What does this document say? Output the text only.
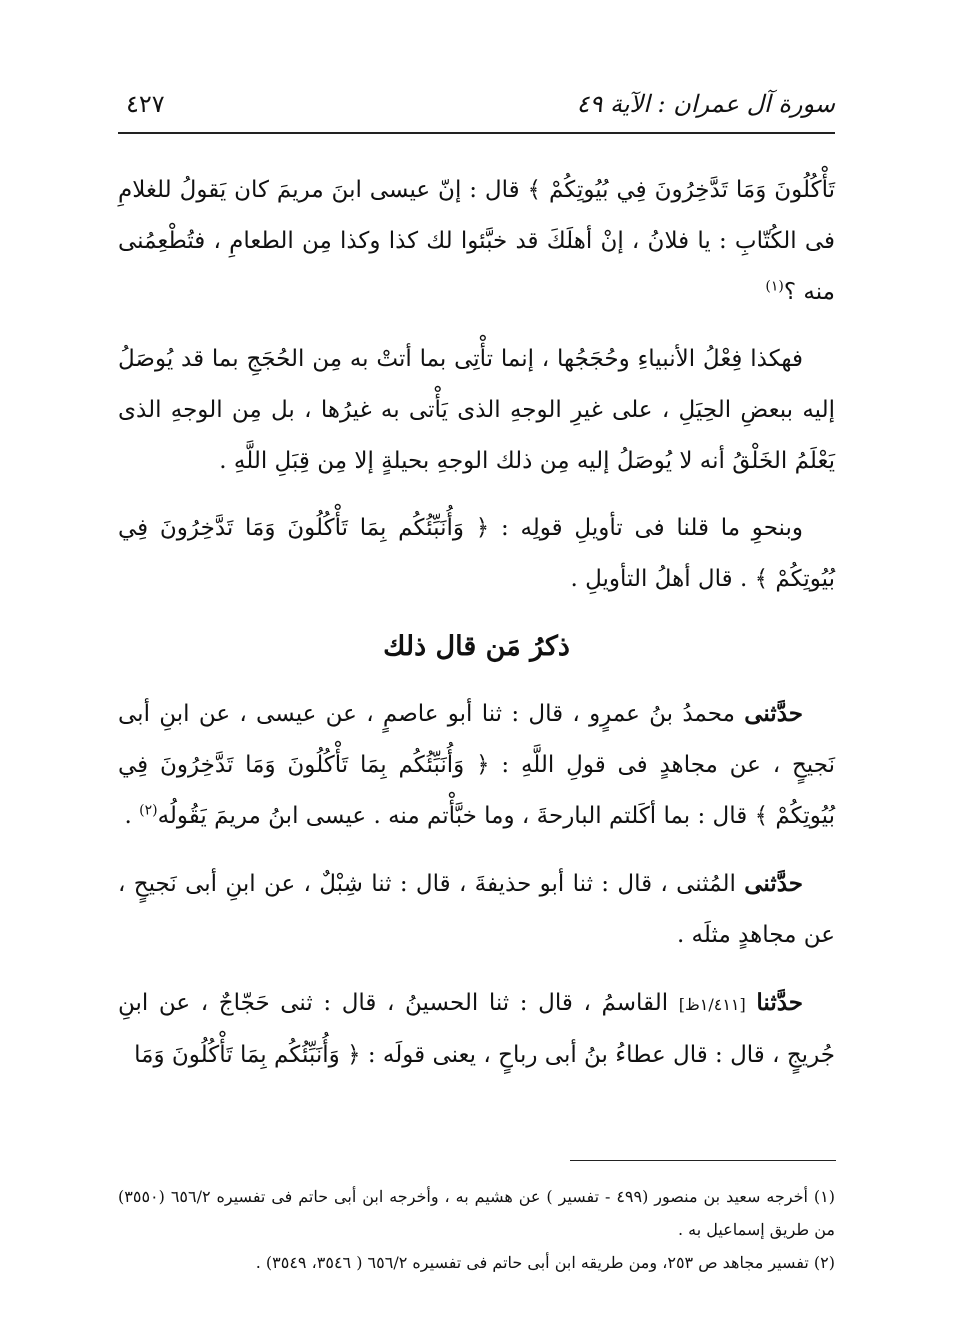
٤٢٧	سورة آل عمران : الآية ٤٩

تَأْكُلُونَ وَمَا تَدَّخِرُونَ فِي بُيُوتِكُمْ ﴾ قال : إنّ عيسى ابنَ مريمَ كان يَقولُ للغلامِ فى الكُتّابِ : يا فلانُ ، إنْ أهلَكَ قد خبَّئوا لك كذا وكذا مِن الطعامِ ، فتُطْعِمُنى منه ؟$^{(١)}$

فهكذا فِعْلُ الأنبياءِ وحُجَجُها ، إنما تأْتِى بما أتتْ به مِن الحُجَجِ بما قد يُوصَلُ إليه ببعضِ الحِيَلِ ، على غيرِ الوجهِ الذى يَأْتى به غيرُها ، بل مِن الوجهِ الذى يَعْلَمُ الخَلْقُ أنه لا يُوصَلُ إليه مِن ذلك الوجهِ بحيلةٍ إلا مِن قِبَلِ اللَّهِ .

وبنحوِ ما قلنا فى تأويلِ قولِه : ﴿ وَأُنَبِّئُكُم بِمَا تَأْكُلُونَ وَمَا تَدَّخِرُونَ فِي بُيُوتِكُمْ ﴾ . قال أهلُ التأويلِ .

ذكرُ مَن قال ذلك

حدَّثنى محمدُ بنُ عمرٍو ، قال : ثنا أبو عاصمٍ ، عن عيسى ، عن ابنِ أبى نَجيحٍ ، عن مجاهدٍ فى قولِ اللَّهِ : ﴿ وَأُنَبِّئُكُم بِمَا تَأْكُلُونَ وَمَا تَدَّخِرُونَ فِي بُيُوتِكُمْ ﴾ قال : بما أكَلتم البارحةَ ، وما خبَّأْتم منه . عيسى ابنُ مريمَ يَقُولُه$^{(٢)}$ .

حدَّثنى المُثنى ، قال : ثنا أبو حذيفةَ ، قال : ثنا شِبْلٌ ، عن ابنِ أبى نَجيحٍ ، عن مجاهدٍ مثلَه .

حدَّثنا [١/٤١١ظ] القاسمُ ، قال : ثنا الحسينُ ، قال : ثنى حَجّاجٌ ، عن ابنِ جُريجٍ ، قال : قال عطاءُ بنُ أبى رباحٍ ، يعنى قولَه : ﴿ وَأُنَبِّئُكُم بِمَا تَأْكُلُونَ وَمَا

(١) أخرجه سعيد بن منصور (٤٩٩ - تفسير ) عن هشيم به ، وأخرجه ابن أبى حاتم فى تفسيره ٦٥٦/٢ (٣٥٥٠) من طريق إسماعيل به .

(٢) تفسير مجاهد ص ٢٥٣، ومن طريقه ابن أبى حاتم فى تفسيره ٦٥٦/٢ ( ٣٥٤٦، ٣٥٤٩) .
